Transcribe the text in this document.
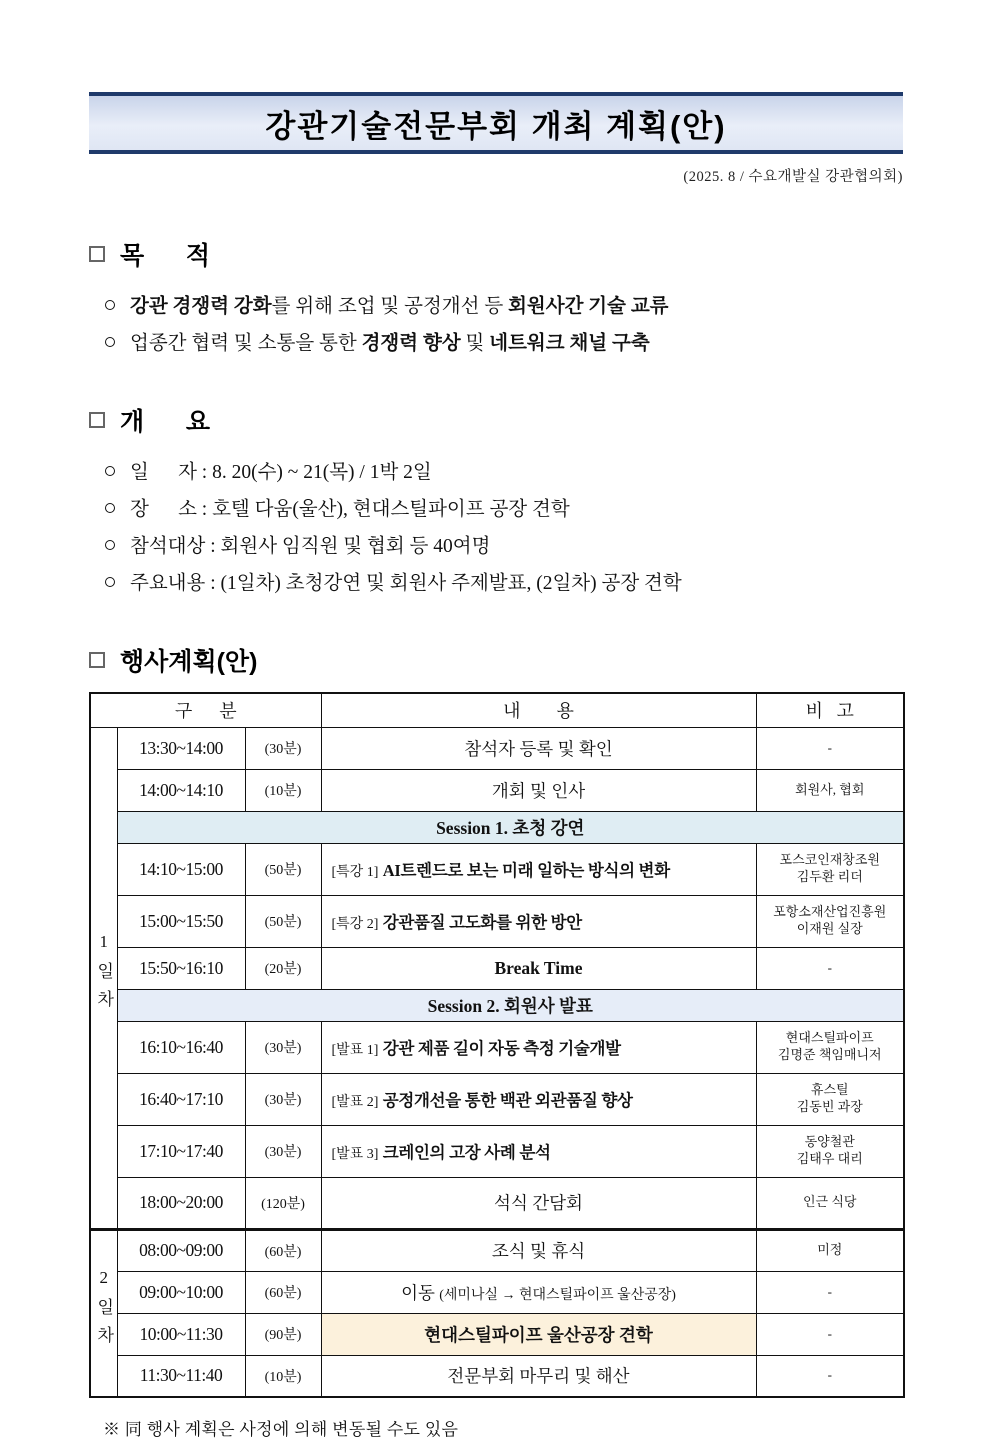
강관기술전문부회 개최 계획(안)
(2025. 8 / 수요개발실 강관협의회)
목      적
강관 경쟁력 강화를 위해 조업 및 공정개선 등 회원사간 기술 교류
업종간 협력 및 소통을 통한 경쟁력 향상 및 네트워크 채널 구축
개      요
일      자 : 8. 20(수) ~ 21(목) / 1박 2일
장      소 : 호텔 다움(울산), 현대스틸파이프 공장 견학
참석대상 : 회원사 임직원 및 협회 등 40여명
주요내용 : (1일차) 초청강연 및 회원사 주제발표, (2일차) 공장 견학
행사계획(안)
구      분			내        용	비   고
1일차	13:30~14:00	(30분)	참석자 등록 및 확인	-
	14:00~14:10	(10분)	개회 및 인사	회원사, 협회
	Session 1. 초청 강연			
	14:10~15:00	(50분)	[특강 1] AI트렌드로 보는 미래 일하는 방식의 변화	포스코인재창조원
김두환 리더
	15:00~15:50	(50분)	[특강 2] 강관품질 고도화를 위한 방안	포항소재산업진흥원
이재원 실장
	15:50~16:10	(20분)	Break Time	-
	Session 2. 회원사 발표			
	16:10~16:40	(30분)	[발표 1] 강관 제품 길이 자동 측정 기술개발	현대스틸파이프
김명준 책임매니저
	16:40~17:10	(30분)	[발표 2] 공정개선을 통한 백관 외관품질 향상	휴스틸
김동빈 과장
	17:10~17:40	(30분)	[발표 3] 크레인의 고장 사례 분석	동양철관
김태우 대리
	18:00~20:00	(120분)	석식 간담회	인근 식당
2일차	08:00~09:00	(60분)	조식 및 휴식	미정
	09:00~10:00	(60분)	이동 (세미나실 → 현대스틸파이프 울산공장)	-
	10:00~11:30	(90분)	현대스틸파이프 울산공장 견학	-
	11:30~11:40	(10분)	전문부회 마무리 및 해산	-
※ 同 행사 계획은 사정에 의해 변동될 수도 있음
